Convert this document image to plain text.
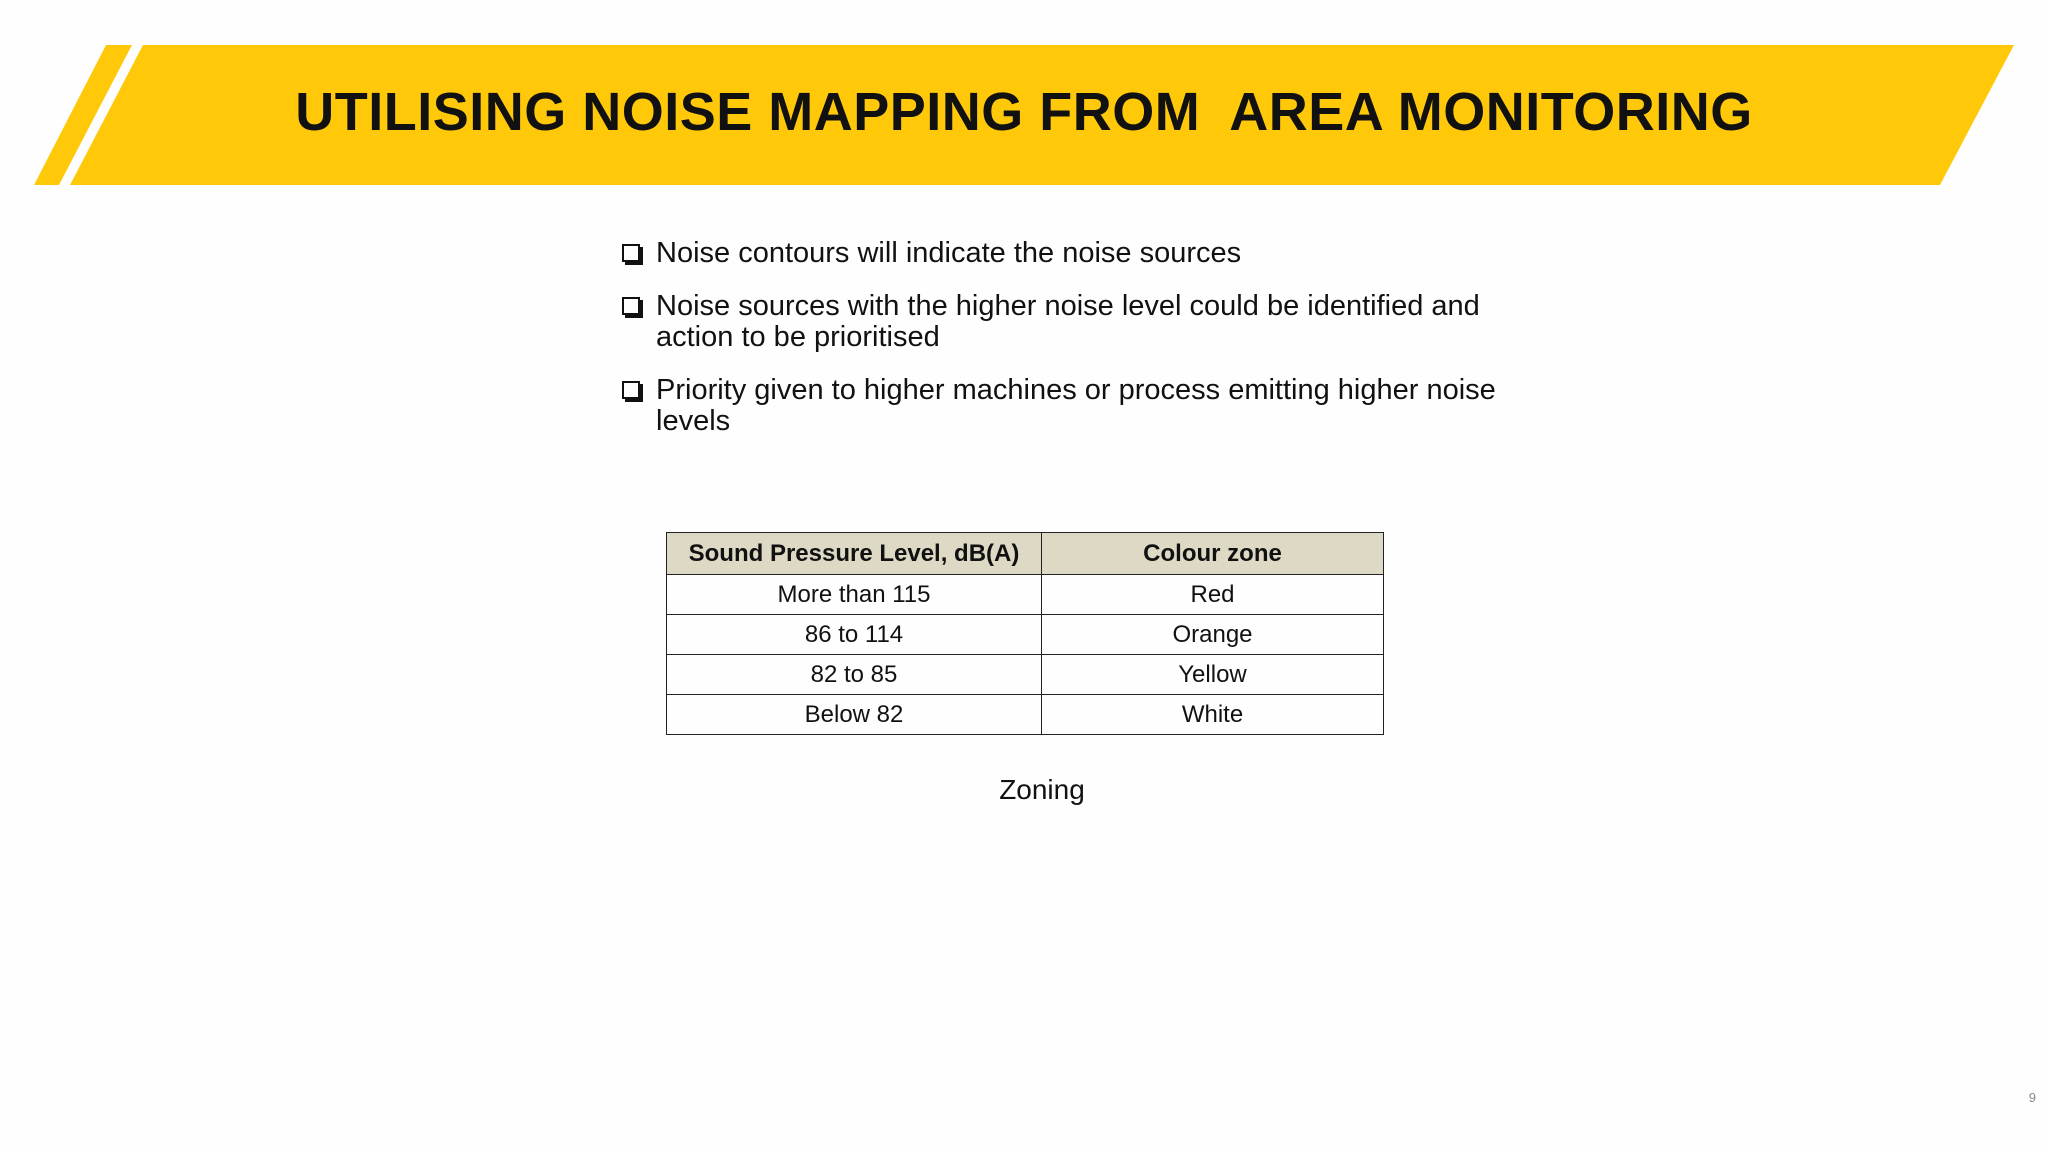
UTILISING NOISE MAPPING FROM  AREA MONITORING
Noise contours will indicate the noise sources
Noise sources with the higher noise level could be identified and action to be prioritised
Priority given to higher machines or process emitting higher noise levels
Sound Pressure Level, dB(A)	Colour zone
More than 115	Red
86 to 114	Orange
82 to 85	Yellow
Below 82	White
Zoning
9
